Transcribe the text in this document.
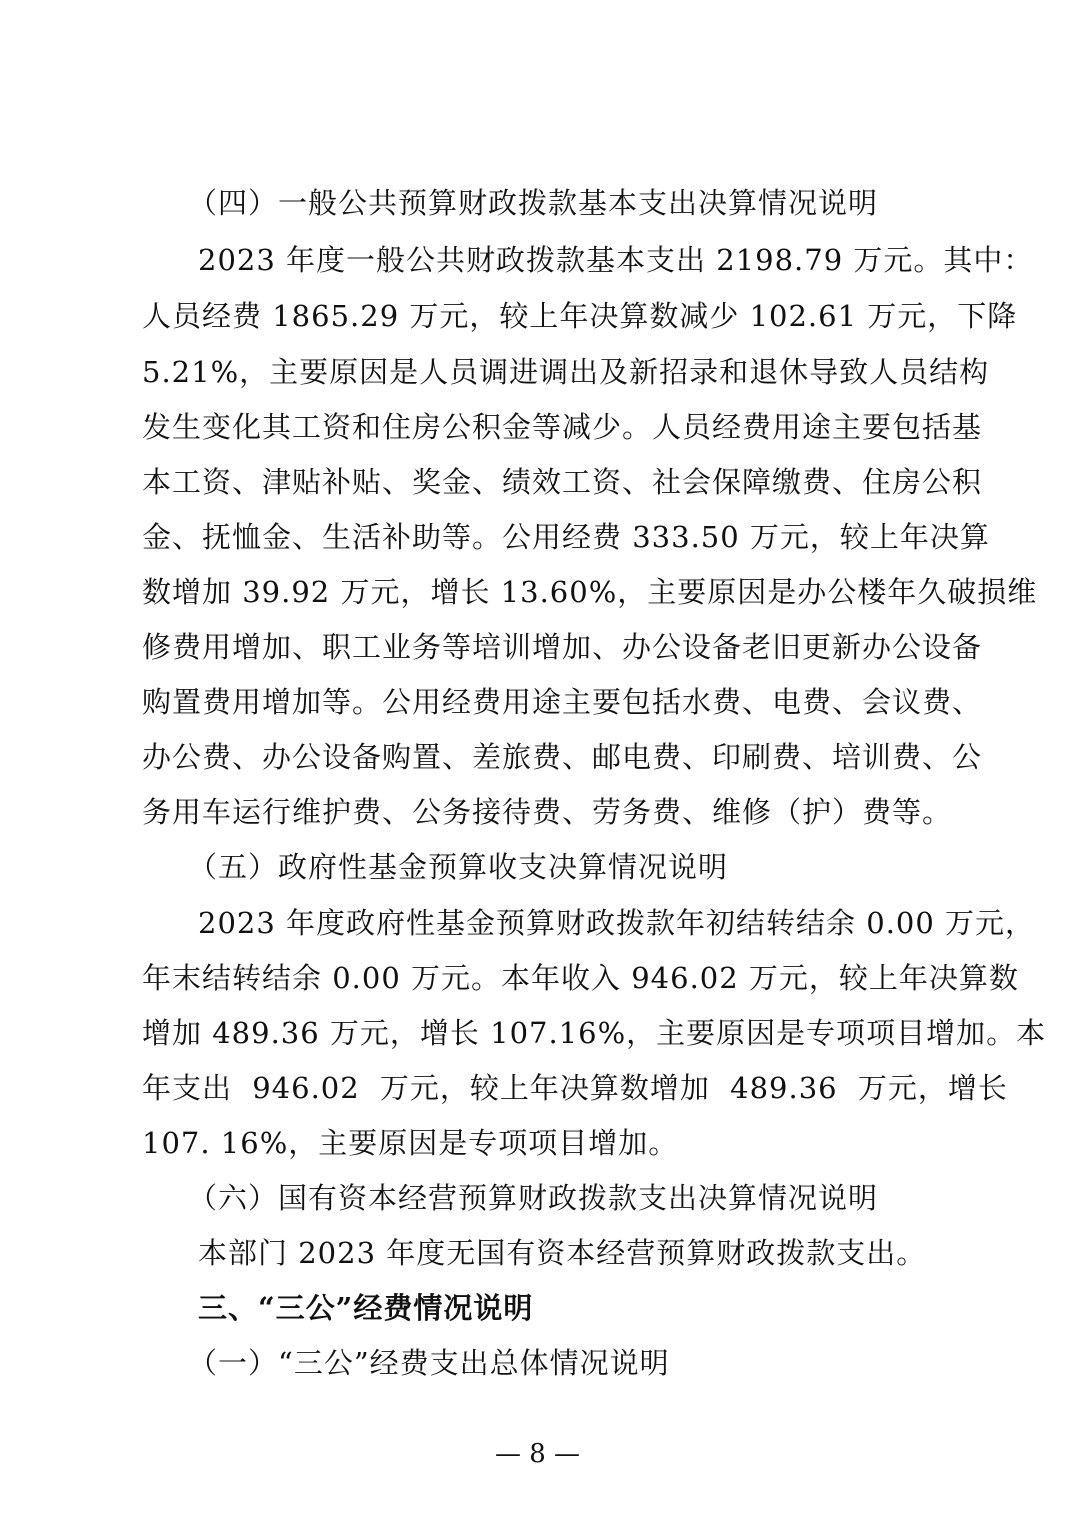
（四）一般公共预算财政拨款基本支出决算情况说明
2023 年度一般公共财政拨款基本支出 2198.79 万元。其中：
人员经费 1865.29 万元，较上年决算数减少 102.61 万元，下降
5.21%，主要原因是人员调进调出及新招录和退休导致人员结构
发生变化其工资和住房公积金等减少。人员经费用途主要包括基
本工资、津贴补贴、奖金、绩效工资、社会保障缴费、住房公积
金、抚恤金、生活补助等。公用经费 333.50 万元，较上年决算
数增加 39.92 万元，增长 13.60%，主要原因是办公楼年久破损维
修费用增加、职工业务等培训增加、办公设备老旧更新办公设备
购置费用增加等。公用经费用途主要包括水费、电费、会议费、
办公费、办公设备购置、差旅费、邮电费、印刷费、培训费、公
务用车运行维护费、公务接待费、劳务费、维修（护）费等。
（五）政府性基金预算收支决算情况说明
2023 年度政府性基金预算财政拨款年初结转结余 0.00 万元，
年末结转结余 0.00 万元。本年收入 946.02 万元，较上年决算数
增加 489.36 万元，增长 107.16%，主要原因是专项项目增加。本
年支出 946.02 万元，较上年决算数增加 489.36 万元，增长
107. 16%，主要原因是专项项目增加。
（六）国有资本经营预算财政拨款支出决算情况说明
本部门 2023 年度无国有资本经营预算财政拨款支出。
三、“三公”经费情况说明
（一）“三公”经费支出总体情况说明
— 8 —
